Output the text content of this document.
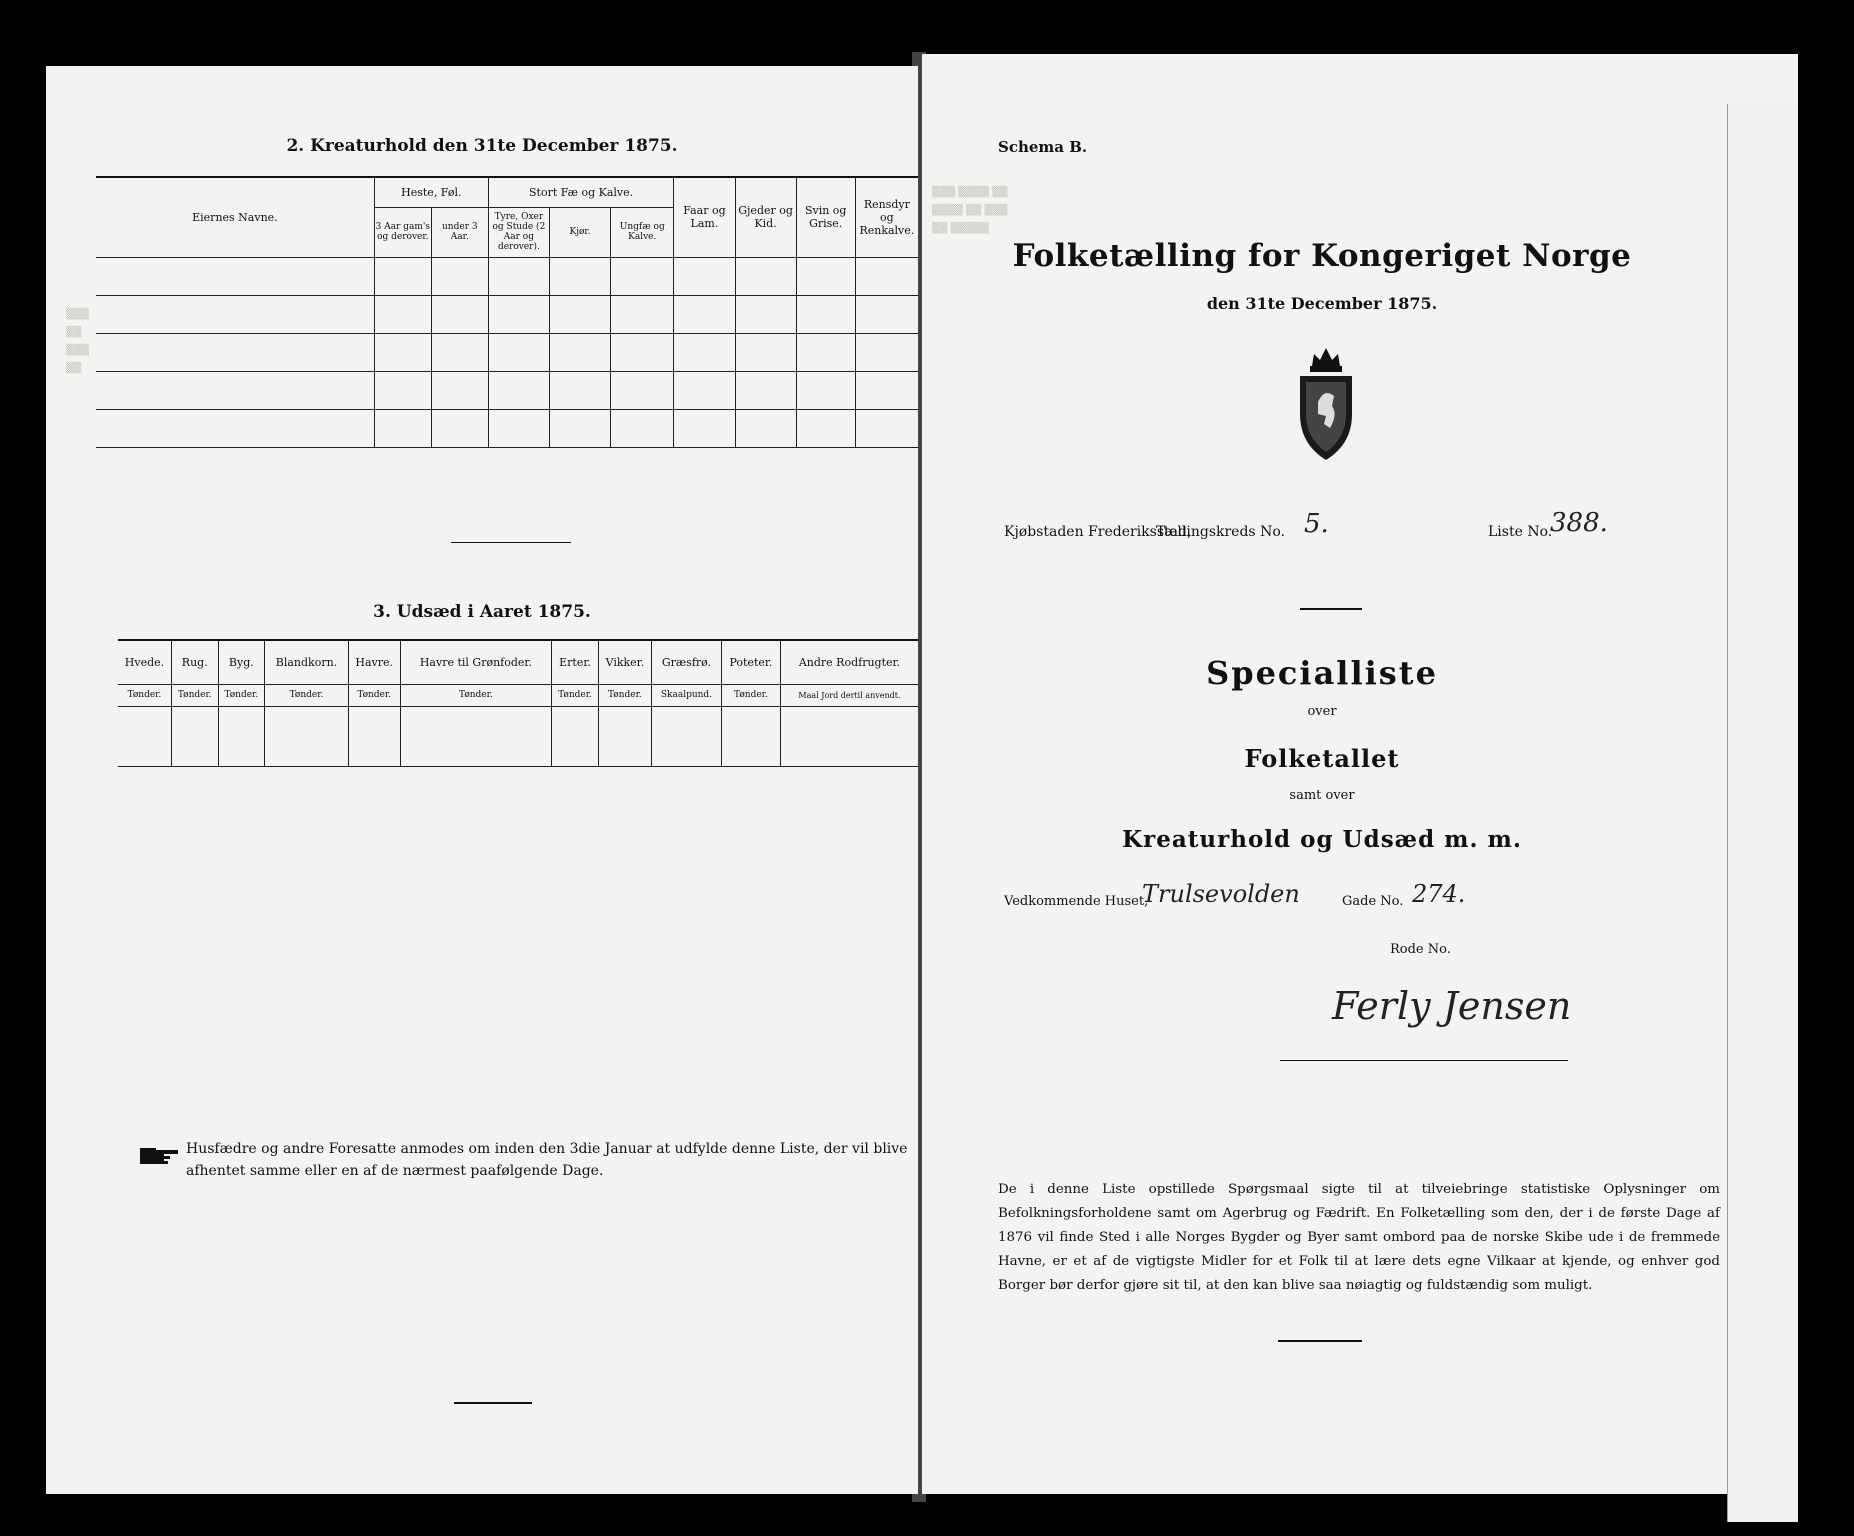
▒▒▒
▒▒
▒▒▒
▒▒
2. Kreaturhold den 31te December 1875.
Eiernes Navne.	Heste, Føl.		Stort Fæ og Kalve.			Faar og Lam.	Gjeder og Kid.	Svin og Grise.	Rensdyr og Renkalve.
	3 Aar gam's og derover.	under 3 Aar.	Tyre, Oxer og Stude (2 Aar og derover).	Kjør.	Ungfæ og Kalve.				

3. Udsæd i Aaret 1875.
Hvede.	Rug.	Byg.	Blandkorn.	Havre.	Havre til Grønfoder.	Erter.	Vikker.	Græsfrø.	Poteter.	Andre Rodfrugter.
Tønder.	Tønder.	Tønder.	Tønder.	Tønder.	Tønder.	Tønder.	Tønder.	Skaalpund.	Tønder.	Maal Jord dertil anvendt.

Husfædre og andre Foresatte anmodes om inden den 3die Januar at udfylde denne Liste, der vil blive afhentet samme eller en af de nærmest paafølgende Dage.
▒▒▒ ▒▒▒▒ ▒▒
▒▒▒▒ ▒▒ ▒▒▒
▒▒ ▒▒▒▒▒
Schema B.
Folketælling for Kongeriget Norge
den 31te December 1875.
Kjøbstaden Frederiksstad,
Tællingskreds No. 5.	Liste No.
388.
Specialliste
over
Folketallet
samt over
Kreaturhold og Udsæd m. m.
Vedkommende Huset,
Trulsevolden	Gade No. 274.
Rode No.
Ferly Jensen
De i denne Liste opstillede Spørgsmaal sigte til at tilveiebringe statistiske Oplysninger om Befolkningsforholdene samt om Agerbrug og Fædrift. En Folketælling som den, der i de første Dage af 1876 vil finde Sted i alle Norges Bygder og Byer samt ombord paa de norske Skibe ude i de fremmede Havne, er et af de vigtigste Midler for et Folk til at lære dets egne Vilkaar at kjende, og enhver god Borger bør derfor gjøre sit til, at den kan blive saa nøiagtig og fuldstændig som muligt.
